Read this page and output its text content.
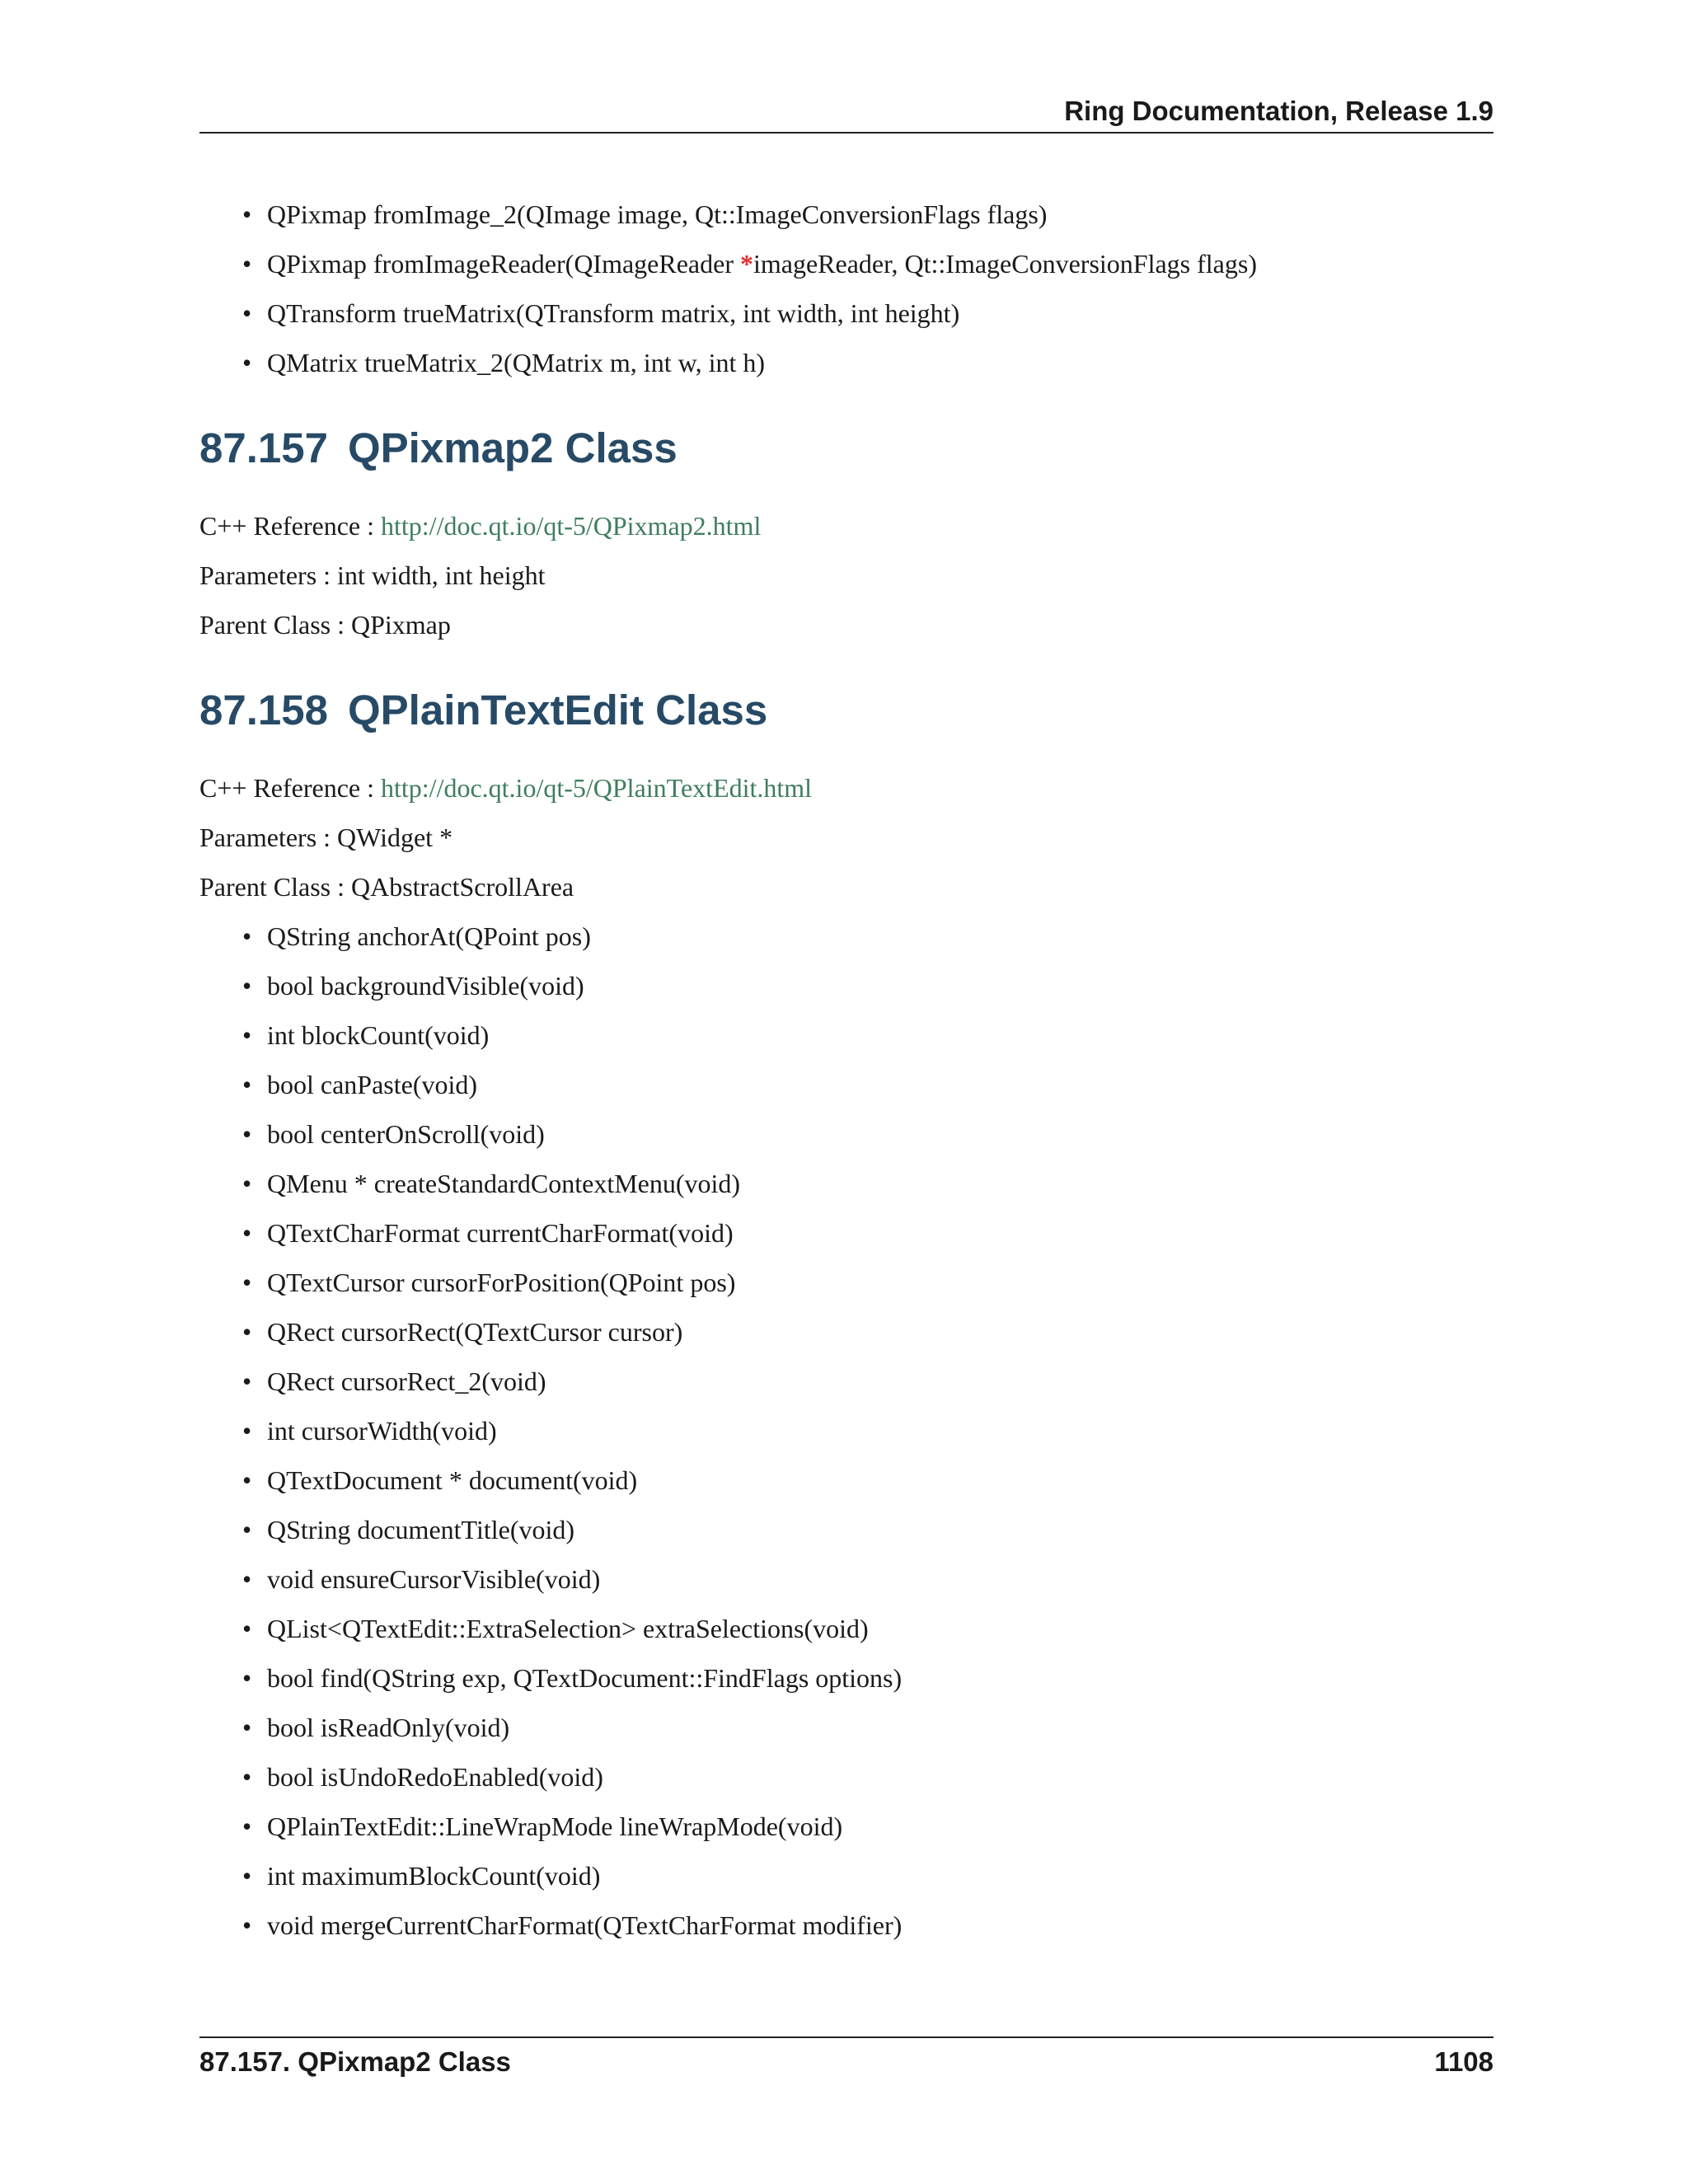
Ring Documentation, Release 1.9
• QPixmap fromImage_2(QImage image, Qt::ImageConversionFlags flags)
• QPixmap fromImageReader(QImageReader *imageReader, Qt::ImageConversionFlags flags)
• QTransform trueMatrix(QTransform matrix, int width, int height)
• QMatrix trueMatrix_2(QMatrix m, int w, int h)
87.157 QPixmap2 Class

C++ Reference : http://doc.qt.io/qt-5/QPixmap2.html

Parameters : int width, int height

Parent Class : QPixmap

87.158 QPlainTextEdit Class

C++ Reference : http://doc.qt.io/qt-5/QPlainTextEdit.html

Parameters : QWidget *

Parent Class : QAbstractScrollArea

• QString anchorAt(QPoint pos)
• bool backgroundVisible(void)
• int blockCount(void)
• bool canPaste(void)
• bool centerOnScroll(void)
• QMenu * createStandardContextMenu(void)
• QTextCharFormat currentCharFormat(void)
• QTextCursor cursorForPosition(QPoint pos)
• QRect cursorRect(QTextCursor cursor)
• QRect cursorRect_2(void)
• int cursorWidth(void)
• QTextDocument * document(void)
• QString documentTitle(void)
• void ensureCursorVisible(void)
• QList<QTextEdit::ExtraSelection> extraSelections(void)
• bool find(QString exp, QTextDocument::FindFlags options)
• bool isReadOnly(void)
• bool isUndoRedoEnabled(void)
• QPlainTextEdit::LineWrapMode lineWrapMode(void)
• int maximumBlockCount(void)
• void mergeCurrentCharFormat(QTextCharFormat modifier)
87.157. QPixmap2 Class	1108
